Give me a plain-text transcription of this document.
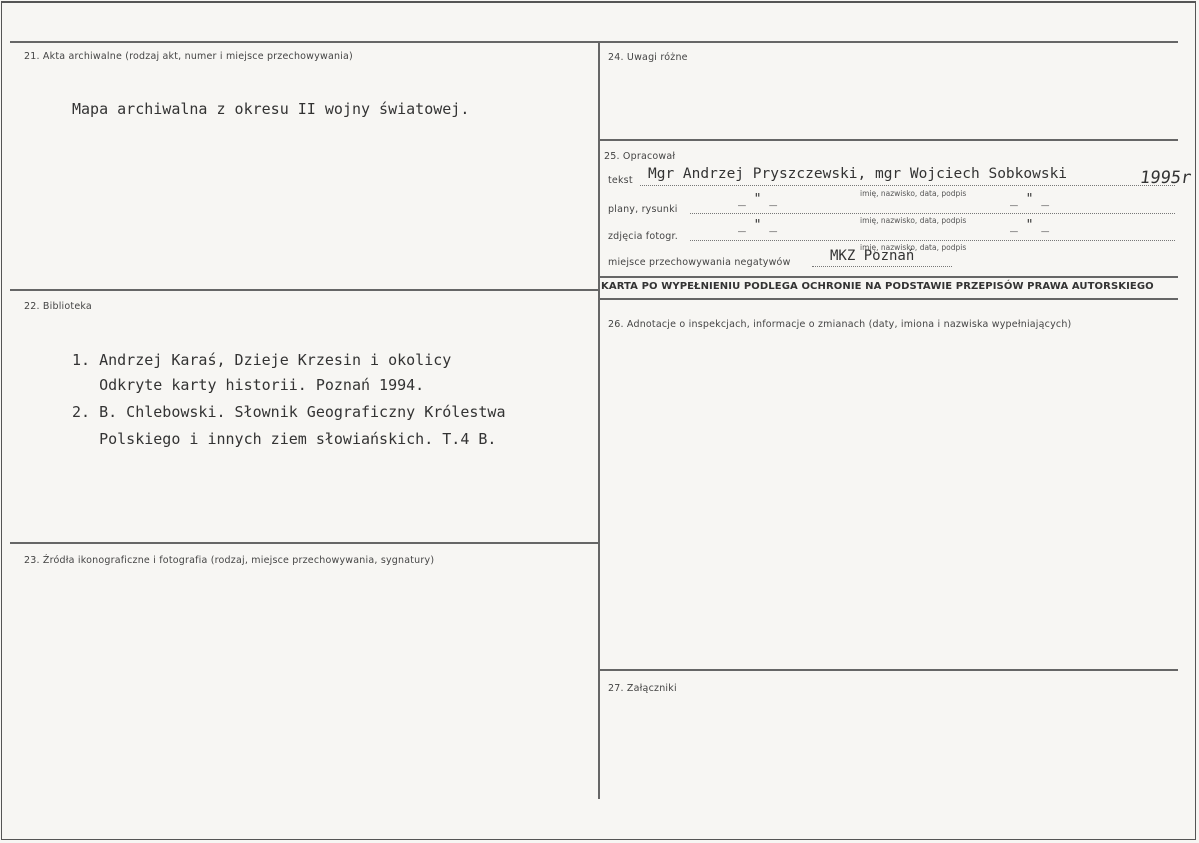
21. Akta archiwalne (rodzaj akt, numer i miejsce przechowywania)
Mapa archiwalna z okresu II wojny światowej.
22. Biblioteka
1. Andrzej Karaś, Dzieje Krzesin i okolicy
Odkryte karty historii. Poznań 1994.
2. B. Chlebowski. Słownik Geograficzny Królestwa
Polskiego i innych ziem słowiańskich. T.4 B.
23. Źródła ikonograficzne i fotografia (rodzaj, miejsce przechowywania, sygnatury)
24. Uwagi różne
25. Opracował
tekst Mgr Andrzej Pryszczewski, mgr Wojciech Sobkowski	1995r
imię, nazwisko, data, podpis
plany, rysunki
_ " _	_ " _
imię, nazwisko, data, podpis
zdjęcia fotogr.
_ " _	_ " _
imię, nazwisko, data, podpis
miejsce przechowywania negatywów	MKZ Poznań
KARTA PO WYPEŁNIENIU PODLEGA OCHRONIE NA PODSTAWIE PRZEPISÓW PRAWA AUTORSKIEGO
26. Adnotacje o inspekcjach, informacje o zmianach (daty, imiona i nazwiska wypełniających)
27. Załączniki
